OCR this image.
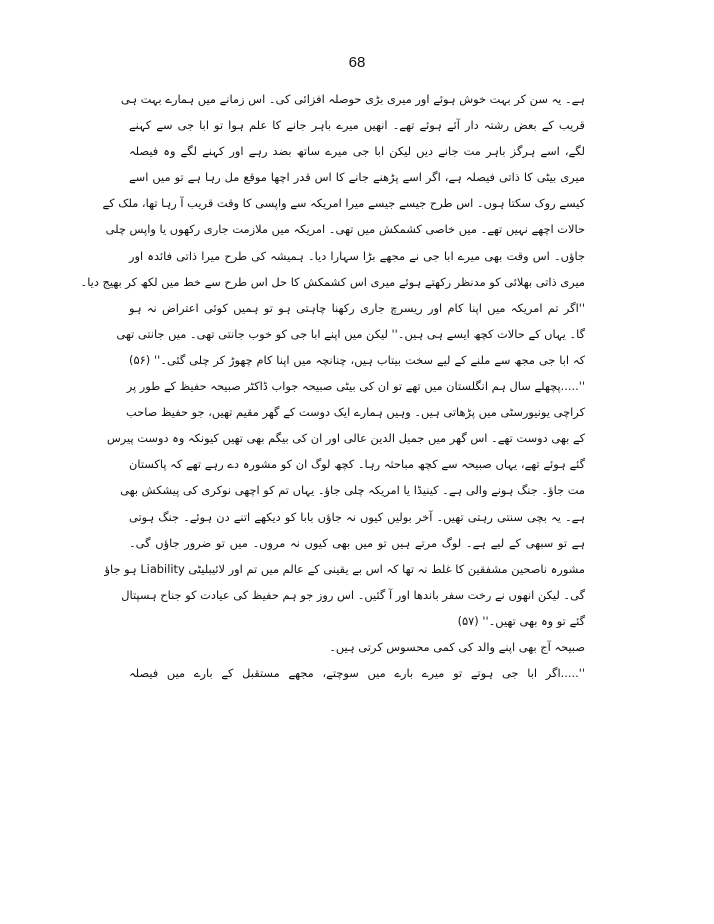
68
ہے۔ یہ سن کر بہت خوش ہوئے اور میری بڑی حوصلہ افزائی کی۔ اس زمانے میں ہمارے بہت ہی
قریب کے بعض رشتہ دار آئے ہوئے تھے۔ انھیں میرے باہر جانے کا علم ہوا تو ابا جی سے کہنے
لگے، اسے ہرگز باہر مت جانے دیں لیکن ابا جی میرے ساتھ بضد رہے اور کہنے لگے وہ فیصلہ
میری بیٹی کا ذاتی فیصلہ ہے، اگر اسے پڑھنے جانے کا اس قدر اچھا موقع مل رہا ہے تو میں اسے
کیسے روک سکتا ہوں۔ اس طرح جیسے جیسے میرا امریکہ سے واپسی کا وقت قریب آ رہا تھا، ملک کے
حالات اچھے نہیں تھے۔ میں خاصی کشمکش میں تھی۔ امریکہ میں ملازمت جاری رکھوں یا واپس چلی
جاؤں۔ اس وقت بھی میرے ابا جی نے مجھے بڑا سہارا دیا۔ ہمیشہ کی طرح میرا ذاتی فائدہ اور
میری ذاتی بھلائی کو مدنظر رکھتے ہوئے میری اس کشمکش کا حل اس طرح سے خط میں لکھ کر بھیج دیا۔
''اگر تم امریکہ میں اپنا کام اور ریسرچ جاری رکھنا چاہتی ہو تو ہمیں کوئی اعتراض نہ ہو
گا۔ یہاں کے حالات کچھ ایسے ہی ہیں۔'' لیکن میں اپنے ابا جی کو خوب جانتی تھی۔ میں جانتی تھی
کہ ابا جی مجھ سے ملنے کے لیے سخت بیتاب ہیں، چنانچہ میں اپنا کام چھوڑ کر چلی گئی۔'' (۵۶)
''.....پچھلے سال ہم انگلستان میں تھے تو ان کی بیٹی صبیحہ جواب ڈاکٹر صبیحہ حفیظ کے طور پر
کراچی یونیورسٹی میں پڑھاتی ہیں۔ وہیں ہمارے ایک دوست کے گھر مقیم تھیں، جو حفیظ صاحب
کے بھی دوست تھے۔ اس گھر میں جمیل الدین عالی اور ان کی بیگم بھی تھیں کیونکہ وہ دوست پیرس
گئے ہوئے تھے، یہاں صبیحہ سے کچھ مباحثہ رہا۔ کچھ لوگ ان کو مشورہ دے رہے تھے کہ پاکستان
مت جاؤ۔ جنگ ہونے والی ہے۔ کینیڈا یا امریکہ چلی جاؤ۔ یہاں تم کو اچھی نوکری کی پیشکش بھی
ہے۔ یہ بچی سنتی رہتی تھیں۔ آخر بولیں کیوں نہ جاؤں بابا کو دیکھے اتنے دن ہوئے۔ جنگ ہوتی
ہے تو سبھی کے لیے ہے۔ لوگ مرتے ہیں تو میں بھی کیوں نہ مروں۔ میں تو ضرور جاؤں گی۔
مشورہ ناصحین مشفقین کا غلط نہ تھا کہ اس بے یقینی کے عالم میں تم اور لائیبلیٹی Liability ہو جاؤ
گی۔ لیکن انھوں نے رخت سفر باندھا اور آ گئیں۔ اس روز جو ہم حفیظ کی عیادت کو جناح ہسپتال
گئے تو وہ بھی تھیں۔'' (۵۷)
صبیحہ آج بھی اپنے والد کی کمی محسوس کرتی ہیں۔
''.....اگر ابا جی ہوتے تو میرے بارے میں سوچتے، مجھے مستقبل کے بارے میں فیصلہ
